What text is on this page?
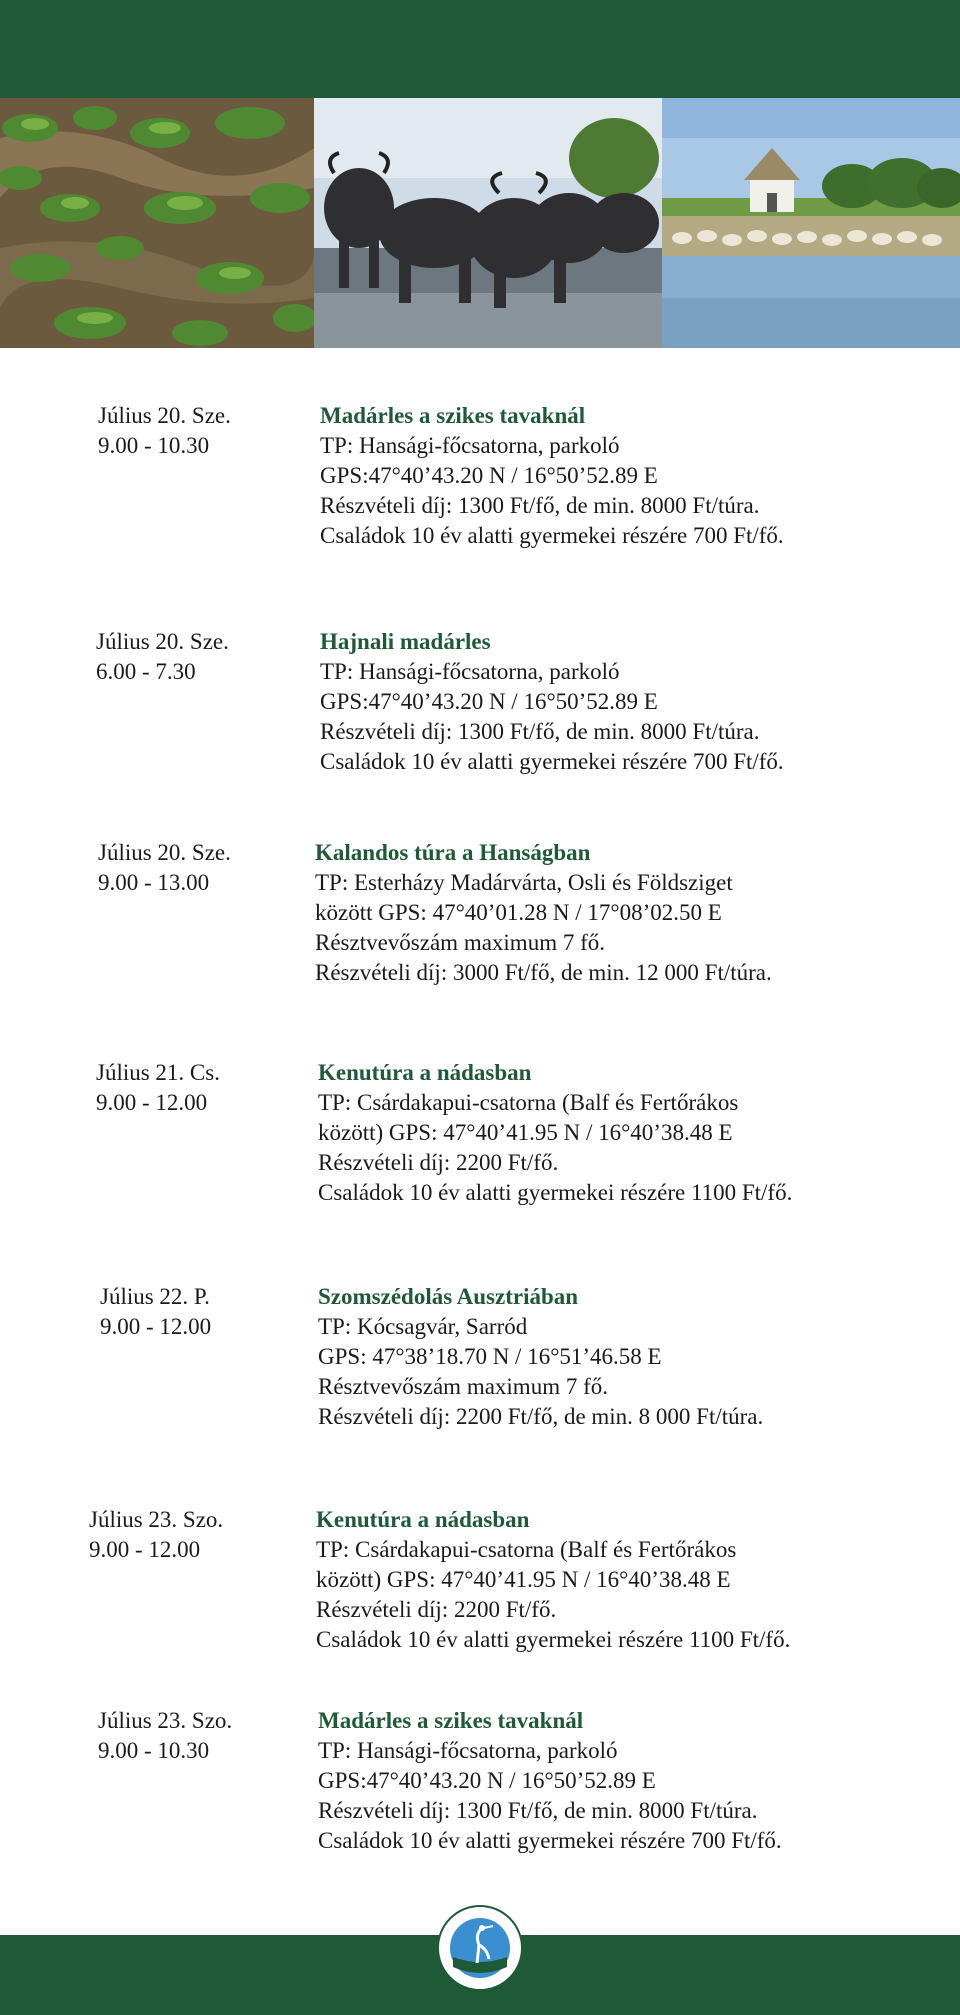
Július 20. Sze.
9.00 - 10.30
Madárles a szikes tavaknál
TP: Hansági-főcsatorna, parkoló
GPS:47°40’43.20 N / 16°50’52.89 E
Részvételi díj: 1300 Ft/fő, de min. 8000 Ft/túra.
Családok 10 év alatti gyermekei részére 700 Ft/fő.
Július 20. Sze.
6.00 - 7.30
Hajnali madárles
TP: Hansági-főcsatorna, parkoló
GPS:47°40’43.20 N / 16°50’52.89 E
Részvételi díj: 1300 Ft/fő, de min. 8000 Ft/túra.
Családok 10 év alatti gyermekei részére 700 Ft/fő.
Július 20. Sze.
9.00 - 13.00
Kalandos túra a Hanságban
TP: Esterházy Madárvárta, Osli és Földsziget
között GPS: 47°40’01.28 N / 17°08’02.50 E
Résztvevőszám maximum 7 fő.
Részvételi díj: 3000 Ft/fő, de min. 12 000 Ft/túra.
Július 21. Cs.
9.00 - 12.00
Kenutúra a nádasban
TP: Csárdakapui-csatorna (Balf és Fertőrákos
között) GPS: 47°40’41.95 N / 16°40’38.48 E
Részvételi díj: 2200 Ft/fő.
Családok 10 év alatti gyermekei részére 1100 Ft/fő.
Július 22. P.
9.00 - 12.00
Szomszédolás Ausztriában
TP: Kócsagvár, Sarród
GPS: 47°38’18.70 N / 16°51’46.58 E
Résztvevőszám maximum 7 fő.
Részvételi díj: 2200 Ft/fő, de min. 8 000 Ft/túra.
Július 23. Szo.
9.00 - 12.00
Kenutúra a nádasban
TP: Csárdakapui-csatorna (Balf és Fertőrákos
között) GPS: 47°40’41.95 N / 16°40’38.48 E
Részvételi díj: 2200 Ft/fő.
Családok 10 év alatti gyermekei részére 1100 Ft/fő.
Július 23. Szo.
9.00 - 10.30
Madárles a szikes tavaknál
TP: Hansági-főcsatorna, parkoló
GPS:47°40’43.20 N / 16°50’52.89 E
Részvételi díj: 1300 Ft/fő, de min. 8000 Ft/túra.
Családok 10 év alatti gyermekei részére 700 Ft/fő.
